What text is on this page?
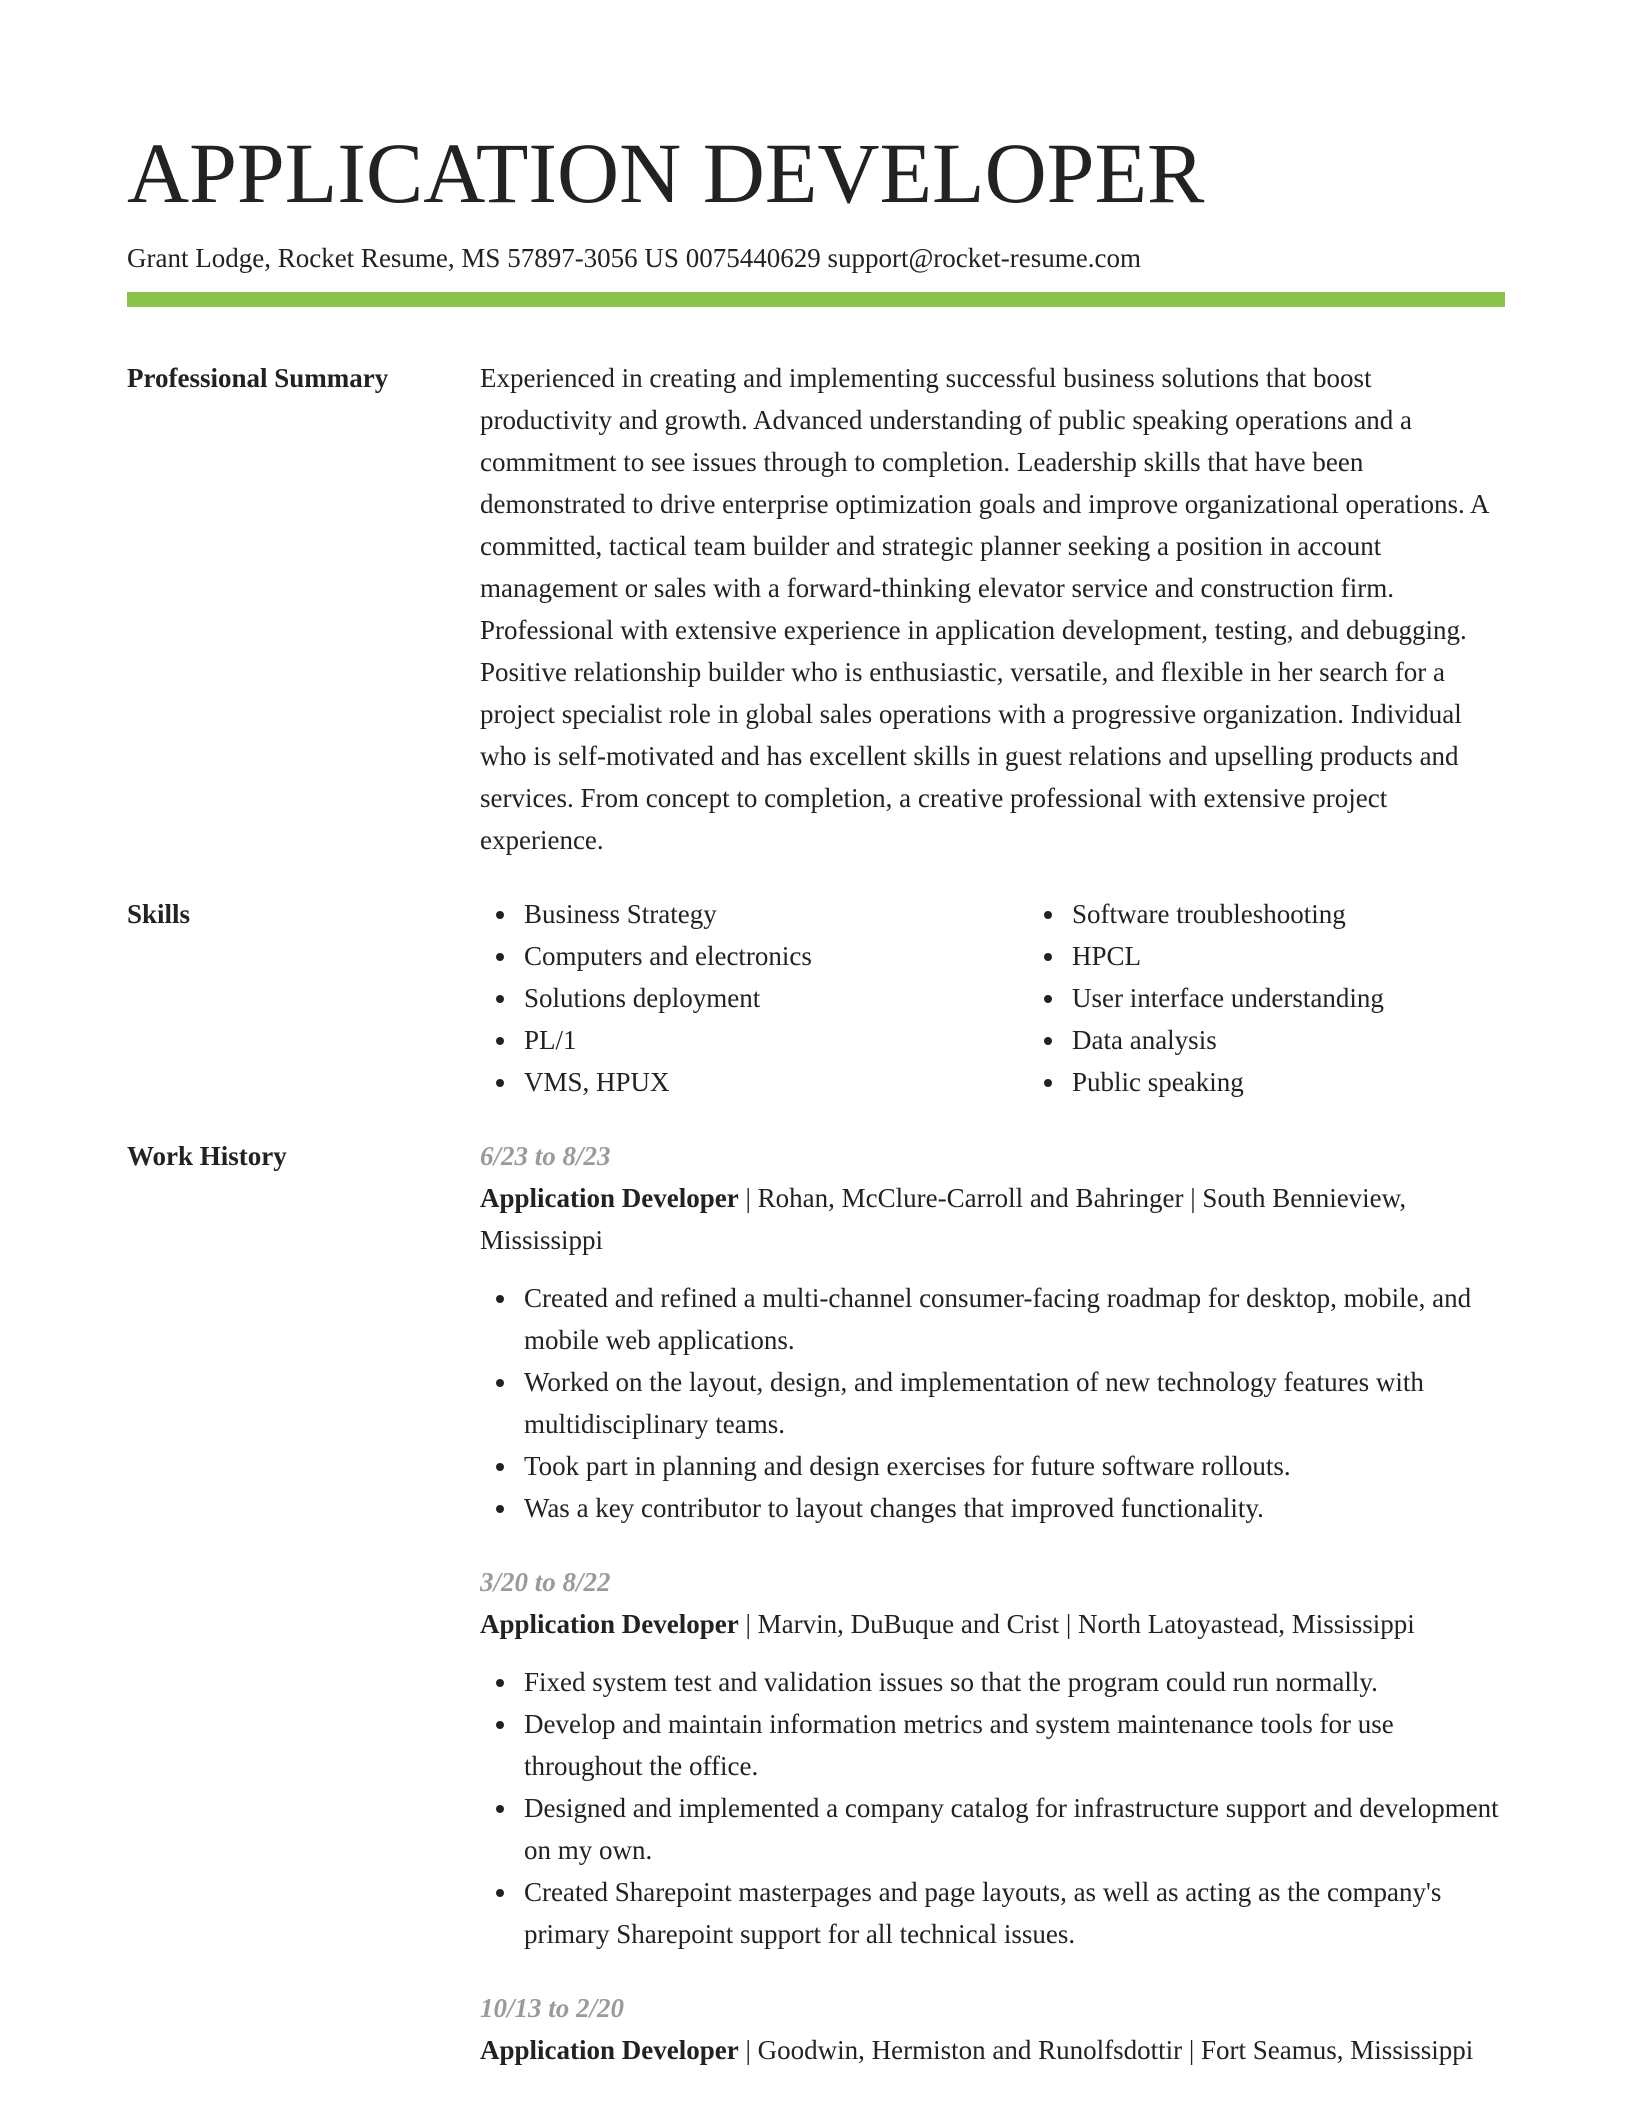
APPLICATION DEVELOPER
Grant Lodge, Rocket Resume, MS 57897-3056 US 0075440629 support@rocket-resume.com
Professional Summary	Experienced in creating and implementing successful business solutions that boost productivity and growth. Advanced understanding of public speaking operations and a commitment to see issues through to completion. Leadership skills that have been demonstrated to drive enterprise optimization goals and improve organizational operations. A committed, tactical team builder and strategic planner seeking a position in account management or sales with a forward-thinking elevator service and construction firm. Professional with extensive experience in application development, testing, and debugging. Positive relationship builder who is enthusiastic, versatile, and flexible in her search for a project specialist role in global sales operations with a progressive organization. Individual who is self-motivated and has excellent skills in guest relations and upselling products and services. From concept to completion, a creative professional with extensive project experience.
Skills	Business Strategy
Computers and electronics
Solutions deployment
PL/1
VMS, HPUX
Software troubleshooting
HPCL
User interface understanding
Data analysis
Public speaking
Work History	6/23 to 8/23
Application Developer | Rohan, McClure-Carroll and Bahringer | South Bennieview, Mississippi
Created and refined a multi-channel consumer-facing roadmap for desktop, mobile, and mobile web applications.
Worked on the layout, design, and implementation of new technology features with multidisciplinary teams.
Took part in planning and design exercises for future software rollouts.
Was a key contributor to layout changes that improved functionality.
3/20 to 8/22
Application Developer | Marvin, DuBuque and Crist | North Latoyastead, Mississippi
Fixed system test and validation issues so that the program could run normally.
Develop and maintain information metrics and system maintenance tools for use throughout the office.
Designed and implemented a company catalog for infrastructure support and development on my own.
Created Sharepoint masterpages and page layouts, as well as acting as the company's primary Sharepoint support for all technical issues.
10/13 to 2/20
Application Developer | Goodwin, Hermiston and Runolfsdottir | Fort Seamus, Mississippi
